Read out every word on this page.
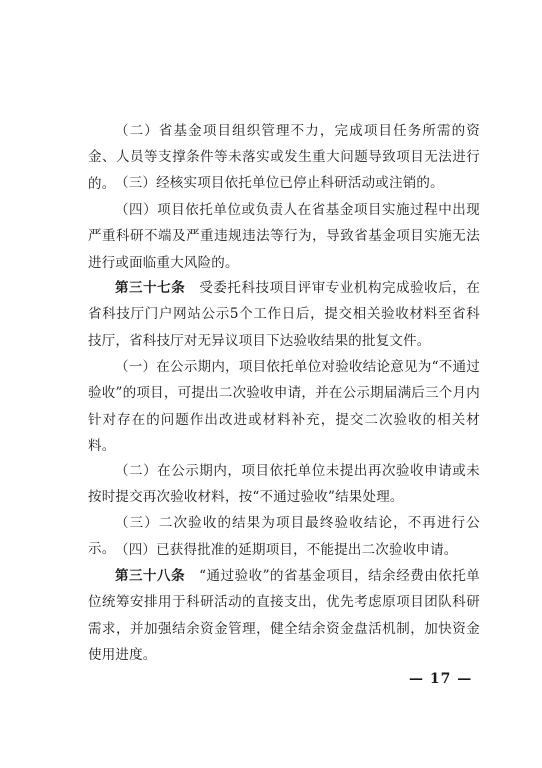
（二）省基金项目组织管理不力，完成项目任务所需的资金、人员等支撑条件等未落实或发生重大问题导致项目无法进行的。 （三）经核实项目依托单位已停止科研活动或注销的。

（四）项目依托单位或负责人在省基金项目实施过程中出现严重科研不端及严重违规违法等行为，导致省基金项目实施无法进行或面临重大风险的。

第三十七条　 受委托科技项目评审专业机构完成验收后，在省科技厅门户网站公示5个工作日后，提交相关验收材料至省科技厅，省科技厅对无异议项目下达验收结果的批复文件。

（一）在公示期内，项目依托单位对验收结论意见为“不通过验收”的项目，可提出二次验收申请，并在公示期届满后三个月内针对存在的问题作出改进或材料补充，提交二次验收的相关材料。

（二）在公示期内，项目依托单位未提出再次验收申请或未按时提交再次验收材料，按“不通过验收”结果处理。

（三）二次验收的结果为项目最终验收结论，不再进行公示。 （四）已获得批准的延期项目，不能提出二次验收申请。

第三十八条　 “通过验收”的省基金项目，结余经费由依托单位统筹安排用于科研活动的直接支出，优先考虑原项目团队科研需求，并加强结余资金管理，健全结余资金盘活机制，加快资金使用进度。

— 17 —
